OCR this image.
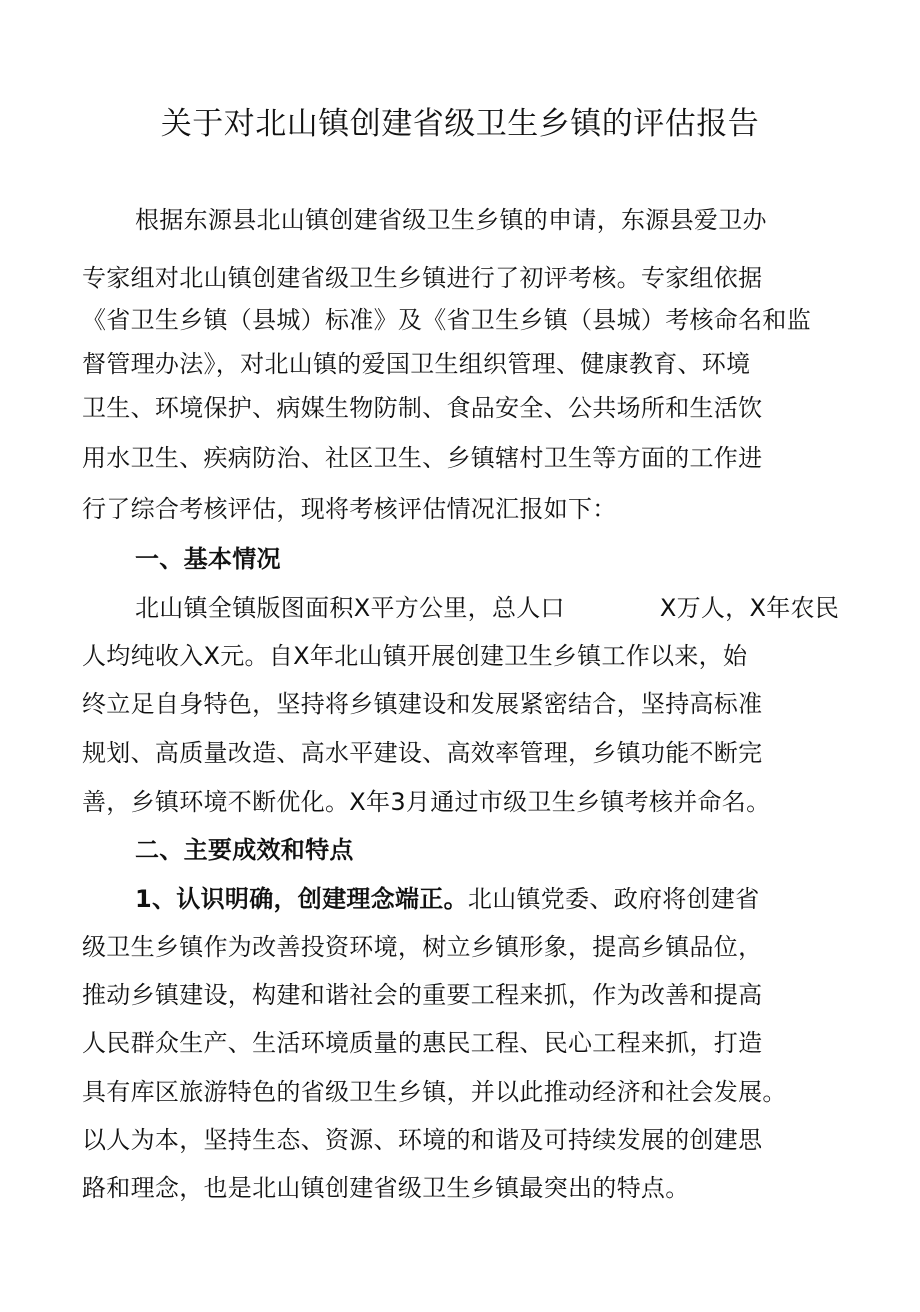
关于对北山镇创建省级卫生乡镇的评估报告
根据东源县北山镇创建省级卫生乡镇的申请，东源县爱卫办
专家组对北山镇创建省级卫生乡镇进行了初评考核。专家组依据
《省卫生乡镇（县城）标准》及《省卫生乡镇（县城）考核命名和监
督管理办法》，对北山镇的爱国卫生组织管理、健康教育、环境
卫生、环境保护、病媒生物防制、食品安全、公共场所和生活饮
用水卫生、疾病防治、社区卫生、乡镇辖村卫生等方面的工作进
行了综合考核评估，现将考核评估情况汇报如下：
一、基本情况
北山镇全镇版图面积X平方公里，总人口	X万人，X年农民
人均纯收入X元。自X年北山镇开展创建卫生乡镇工作以来，始
终立足自身特色，坚持将乡镇建设和发展紧密结合，坚持高标准
规划、高质量改造、高水平建设、高效率管理，乡镇功能不断完
善，乡镇环境不断优化。X年3月通过市级卫生乡镇考核并命名。
二、主要成效和特点
1、认识明确，创建理念端正。北山镇党委、政府将创建省
级卫生乡镇作为改善投资环境，树立乡镇形象，提高乡镇品位，
推动乡镇建设，构建和谐社会的重要工程来抓，作为改善和提高
人民群众生产、生活环境质量的惠民工程、民心工程来抓，打造
具有库区旅游特色的省级卫生乡镇，并以此推动经济和社会发展。
以人为本，坚持生态、资源、环境的和谐及可持续发展的创建思
路和理念，也是北山镇创建省级卫生乡镇最突出的特点。
